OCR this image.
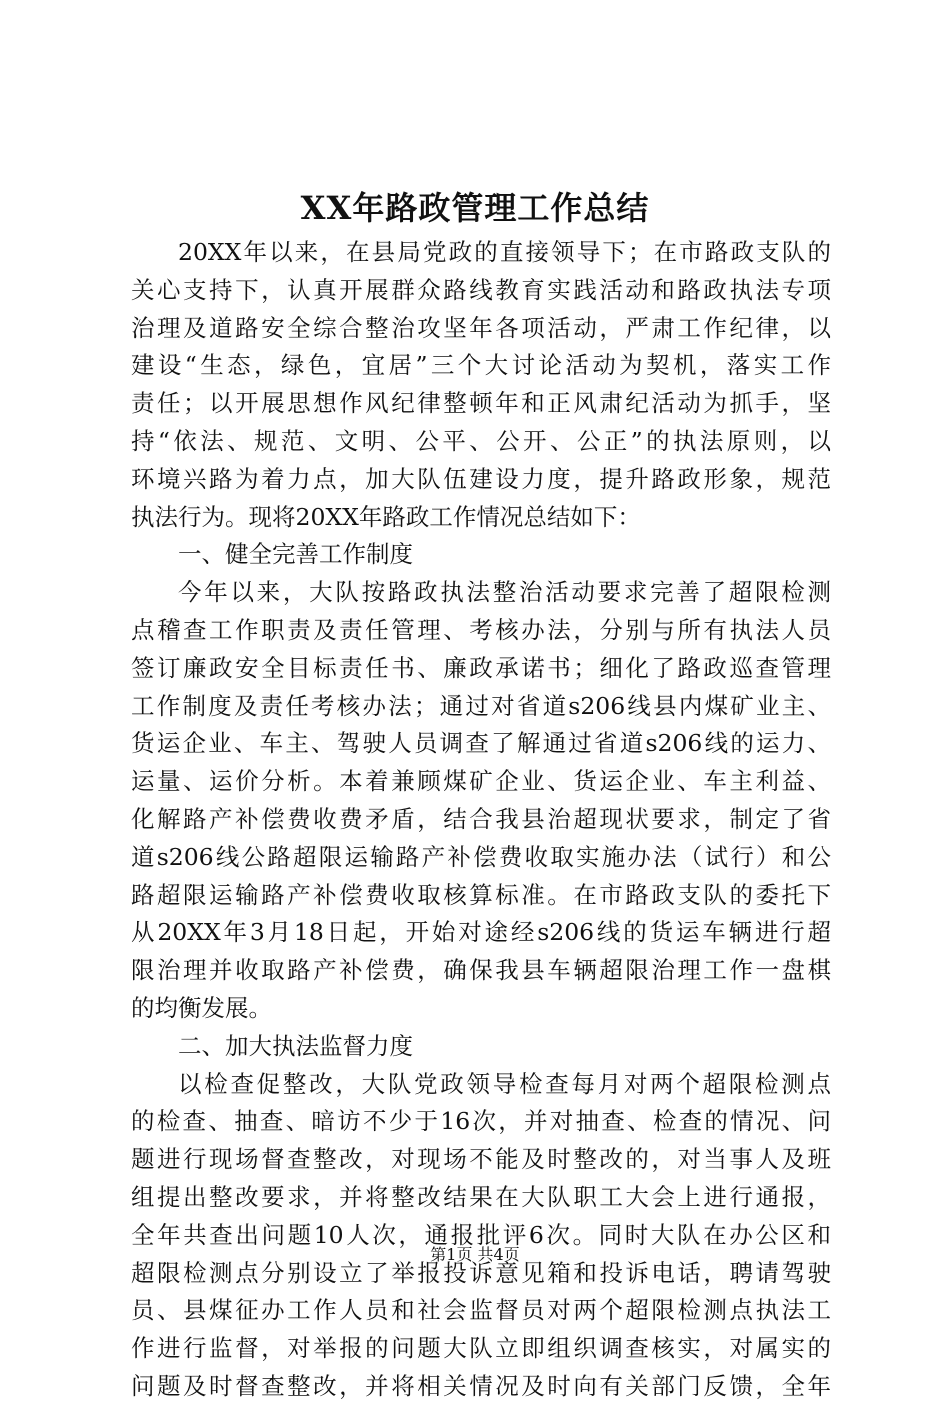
XX年路政管理工作总结
20XX年以来，在县局党政的直接领导下；在市路政支队的
关心支持下，认真开展群众路线教育实践活动和路政执法专项
治理及道路安全综合整治攻坚年各项活动，严肃工作纪律，以
建设“生态，绿色，宜居”三个大讨论活动为契机，落实工作
责任；以开展思想作风纪律整顿年和正风肃纪活动为抓手，坚
持“依法、规范、文明、公平、公开、公正”的执法原则，以
环境兴路为着力点，加大队伍建设力度，提升路政形象，规范
执法行为。现将20XX年路政工作情况总结如下：
一、健全完善工作制度
今年以来，大队按路政执法整治活动要求完善了超限检测
点稽查工作职责及责任管理、考核办法，分别与所有执法人员
签订廉政安全目标责任书、廉政承诺书；细化了路政巡查管理
工作制度及责任考核办法；通过对省道s206线县内煤矿业主、
货运企业、车主、驾驶人员调查了解通过省道s206线的运力、
运量、运价分析。本着兼顾煤矿企业、货运企业、车主利益、
化解路产补偿费收费矛盾，结合我县治超现状要求，制定了省
道s206线公路超限运输路产补偿费收取实施办法（试行）和公
路超限运输路产补偿费收取核算标准。在市路政支队的委托下
从20XX年3月18日起，开始对途经s206线的货运车辆进行超
限治理并收取路产补偿费，确保我县车辆超限治理工作一盘棋
的均衡发展。
二、加大执法监督力度
以检查促整改，大队党政领导检查每月对两个超限检测点
的检查、抽查、暗访不少于16次，并对抽查、检查的情况、问
题进行现场督查整改，对现场不能及时整改的，对当事人及班
组提出整改要求，并将整改结果在大队职工大会上进行通报，
全年共查出问题10人次，通报批评6次。同时大队在办公区和
超限检测点分别设立了举报投诉意见箱和投诉电话，聘请驾驶
员、县煤征办工作人员和社会监督员对两个超限检测点执法工
作进行监督，对举报的问题大队立即组织调查核实，对属实的
问题及时督查整改，并将相关情况及时向有关部门反馈，全年
第1页 共4页
